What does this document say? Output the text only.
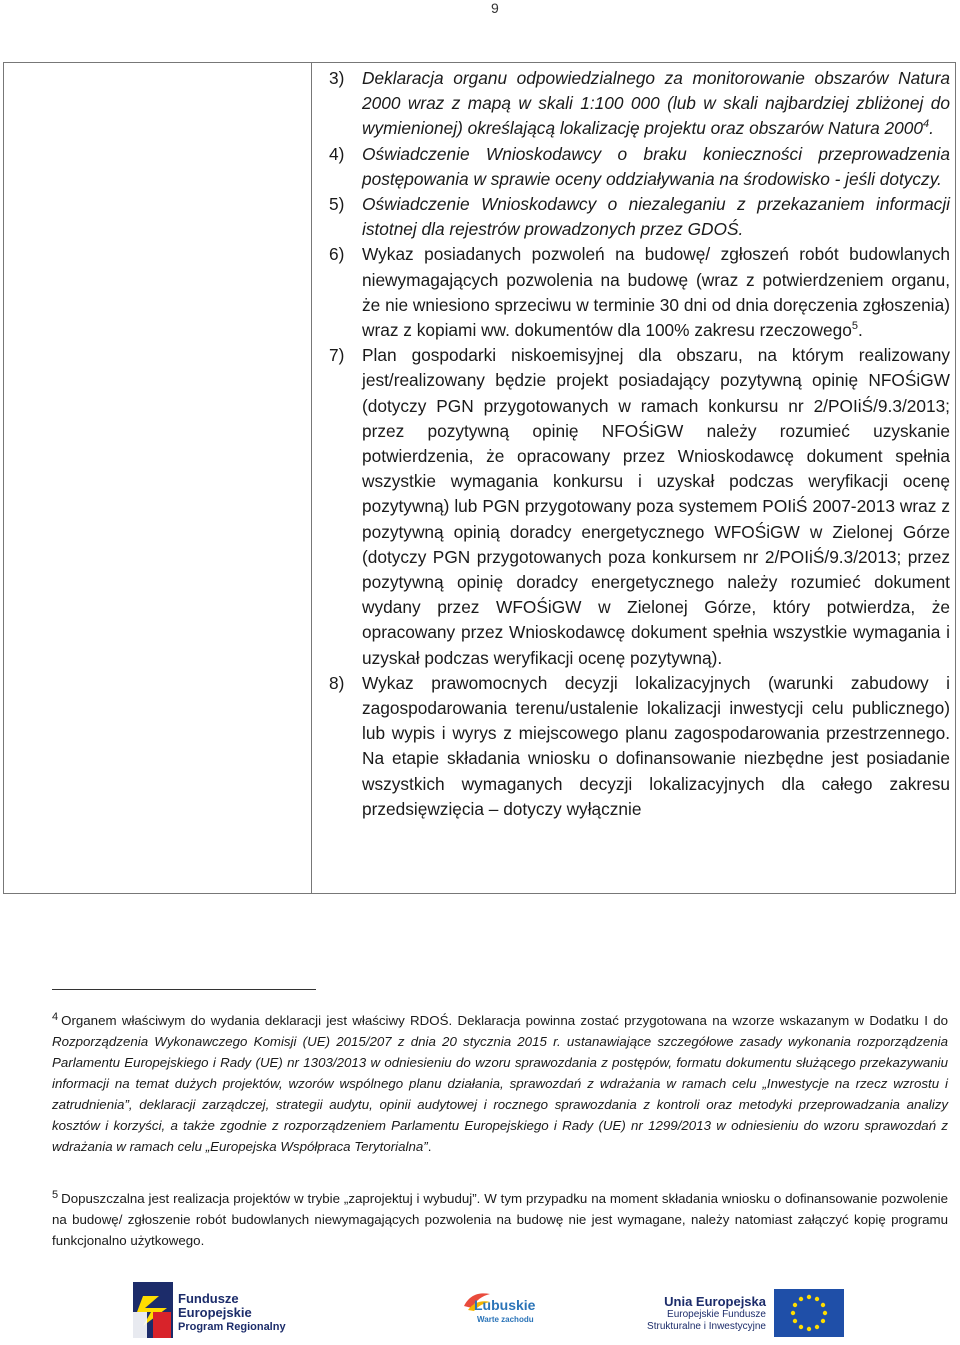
9
3) Deklaracja organu odpowiedzialnego za monitorowanie obszarów Natura 2000 wraz z mapą w skali 1:100 000 (lub w skali najbardziej zbliżonej do wymienionej) określającą lokalizację projektu oraz obszarów Natura 2000$^4$.
4) Oświadczenie Wnioskodawcy o braku konieczności przeprowadzenia postępowania w sprawie oceny oddziaływania na środowisko - jeśli dotyczy.
5) Oświadczenie Wnioskodawcy o niezaleganiu z przekazaniem informacji istotnej dla rejestrów prowadzonych przez GDOŚ.
6) Wykaz posiadanych pozwoleń na budowę/ zgłoszeń robót budowlanych niewymagających pozwolenia na budowę (wraz z potwierdzeniem organu, że nie wniesiono sprzeciwu w terminie 30 dni od dnia doręczenia zgłoszenia) wraz z kopiami ww. dokumentów dla 100% zakresu rzeczowego$^5$.
7) Plan gospodarki niskoemisyjnej dla obszaru, na którym realizowany jest/realizowany będzie projekt posiadający pozytywną opinię NFOŚiGW (dotyczy PGN przygotowanych w ramach konkursu nr 2/POIiŚ/9.3/2013; przez pozytywną opinię NFOŚiGW należy rozumieć uzyskanie potwierdzenia, że opracowany przez Wnioskodawcę dokument spełnia wszystkie wymagania konkursu i uzyskał podczas weryfikacji ocenę pozytywną) lub PGN przygotowany poza systemem POIiŚ 2007-2013 wraz z pozytywną opinią doradcy energetycznego WFOŚiGW w Zielonej Górze (dotyczy PGN przygotowanych poza konkursem nr 2/POIiŚ/9.3/2013; przez pozytywną opinię doradcy energetycznego należy rozumieć dokument wydany przez WFOŚiGW w Zielonej Górze, który potwierdza, że opracowany przez Wnioskodawcę dokument spełnia wszystkie wymagania i uzyskał podczas weryfikacji ocenę pozytywną).
8) Wykaz prawomocnych decyzji lokalizacyjnych (warunki zabudowy i zagospodarowania terenu/ustalenie lokalizacji inwestycji celu publicznego) lub wypis i wyrys z miejscowego planu zagospodarowania przestrzennego. Na etapie składania wniosku o dofinansowanie niezbędne jest posiadanie wszystkich wymaganych decyzji lokalizacyjnych dla całego zakresu przedsięwzięcia – dotyczy wyłącznie

$^4$ Organem właściwym do wydania deklaracji jest właściwy RDOŚ. Deklaracja powinna zostać przygotowana na wzorze wskazanym w Dodatku I do Rozporządzenia Wykonawczego Komisji (UE) 2015/207 z dnia 20 stycznia 2015 r. ustanawiające szczegółowe zasady wykonania rozporządzenia Parlamentu Europejskiego i Rady (UE) nr 1303/2013 w odniesieniu do wzoru sprawozdania z postępów, formatu dokumentu służącego przekazywaniu informacji na temat dużych projektów, wzorów wspólnego planu działania, sprawozdań z wdrażania w ramach celu „Inwestycje na rzecz wzrostu i zatrudnienia”, deklaracji zarządczej, strategii audytu, opinii audytowej i rocznego sprawozdania z kontroli oraz metodyki przeprowadzania analizy kosztów i korzyści, a także zgodnie z rozporządzeniem Parlamentu Europejskiego i Rady (UE) nr 1299/2013 w odniesieniu do wzoru sprawozdań z wdrażania w ramach celu „Europejska Współpraca Terytorialna”.

$^5$ Dopuszczalna jest realizacja projektów w trybie „zaprojektuj i wybuduj”. W tym przypadku na moment składania wniosku o dofinansowanie pozwolenie na budowę/ zgłoszenie robót budowlanych niewymagających pozwolenia na budowę nie jest wymagane, należy natomiast załączyć kopię programu funkcjonalno użytkowego.

Fundusze
Europejskie
Program Regionalny
Lubuskie
Warte zachodu
Unia Europejska
Europejskie Fundusze
Strukturalne i Inwestycyjne
